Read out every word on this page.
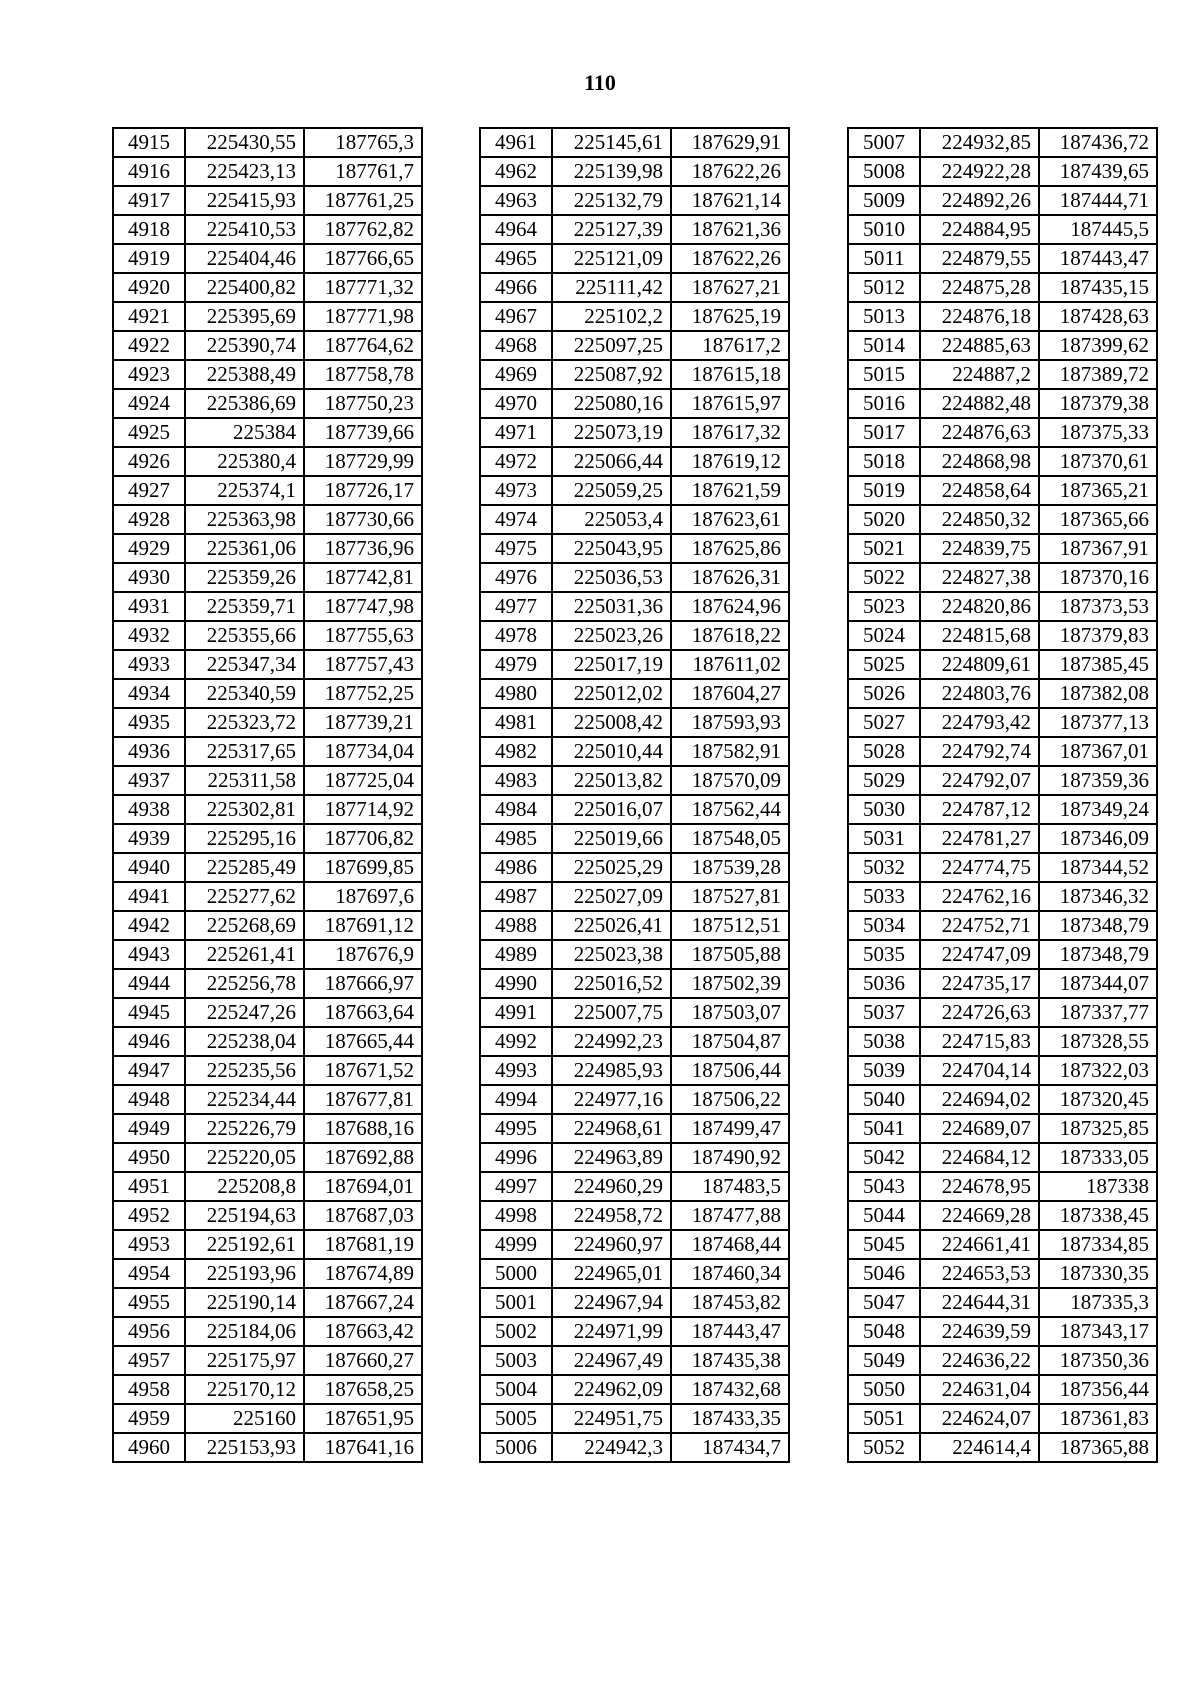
110
4915	225430,55	187765,3
4916	225423,13	187761,7
4917	225415,93	187761,25
4918	225410,53	187762,82
4919	225404,46	187766,65
4920	225400,82	187771,32
4921	225395,69	187771,98
4922	225390,74	187764,62
4923	225388,49	187758,78
4924	225386,69	187750,23
4925	225384	187739,66
4926	225380,4	187729,99
4927	225374,1	187726,17
4928	225363,98	187730,66
4929	225361,06	187736,96
4930	225359,26	187742,81
4931	225359,71	187747,98
4932	225355,66	187755,63
4933	225347,34	187757,43
4934	225340,59	187752,25
4935	225323,72	187739,21
4936	225317,65	187734,04
4937	225311,58	187725,04
4938	225302,81	187714,92
4939	225295,16	187706,82
4940	225285,49	187699,85
4941	225277,62	187697,6
4942	225268,69	187691,12
4943	225261,41	187676,9
4944	225256,78	187666,97
4945	225247,26	187663,64
4946	225238,04	187665,44
4947	225235,56	187671,52
4948	225234,44	187677,81
4949	225226,79	187688,16
4950	225220,05	187692,88
4951	225208,8	187694,01
4952	225194,63	187687,03
4953	225192,61	187681,19
4954	225193,96	187674,89
4955	225190,14	187667,24
4956	225184,06	187663,42
4957	225175,97	187660,27
4958	225170,12	187658,25
4959	225160	187651,95
4960	225153,93	187641,16
4961	225145,61	187629,91
4962	225139,98	187622,26
4963	225132,79	187621,14
4964	225127,39	187621,36
4965	225121,09	187622,26
4966	225111,42	187627,21
4967	225102,2	187625,19
4968	225097,25	187617,2
4969	225087,92	187615,18
4970	225080,16	187615,97
4971	225073,19	187617,32
4972	225066,44	187619,12
4973	225059,25	187621,59
4974	225053,4	187623,61
4975	225043,95	187625,86
4976	225036,53	187626,31
4977	225031,36	187624,96
4978	225023,26	187618,22
4979	225017,19	187611,02
4980	225012,02	187604,27
4981	225008,42	187593,93
4982	225010,44	187582,91
4983	225013,82	187570,09
4984	225016,07	187562,44
4985	225019,66	187548,05
4986	225025,29	187539,28
4987	225027,09	187527,81
4988	225026,41	187512,51
4989	225023,38	187505,88
4990	225016,52	187502,39
4991	225007,75	187503,07
4992	224992,23	187504,87
4993	224985,93	187506,44
4994	224977,16	187506,22
4995	224968,61	187499,47
4996	224963,89	187490,92
4997	224960,29	187483,5
4998	224958,72	187477,88
4999	224960,97	187468,44
5000	224965,01	187460,34
5001	224967,94	187453,82
5002	224971,99	187443,47
5003	224967,49	187435,38
5004	224962,09	187432,68
5005	224951,75	187433,35
5006	224942,3	187434,7
5007	224932,85	187436,72
5008	224922,28	187439,65
5009	224892,26	187444,71
5010	224884,95	187445,5
5011	224879,55	187443,47
5012	224875,28	187435,15
5013	224876,18	187428,63
5014	224885,63	187399,62
5015	224887,2	187389,72
5016	224882,48	187379,38
5017	224876,63	187375,33
5018	224868,98	187370,61
5019	224858,64	187365,21
5020	224850,32	187365,66
5021	224839,75	187367,91
5022	224827,38	187370,16
5023	224820,86	187373,53
5024	224815,68	187379,83
5025	224809,61	187385,45
5026	224803,76	187382,08
5027	224793,42	187377,13
5028	224792,74	187367,01
5029	224792,07	187359,36
5030	224787,12	187349,24
5031	224781,27	187346,09
5032	224774,75	187344,52
5033	224762,16	187346,32
5034	224752,71	187348,79
5035	224747,09	187348,79
5036	224735,17	187344,07
5037	224726,63	187337,77
5038	224715,83	187328,55
5039	224704,14	187322,03
5040	224694,02	187320,45
5041	224689,07	187325,85
5042	224684,12	187333,05
5043	224678,95	187338
5044	224669,28	187338,45
5045	224661,41	187334,85
5046	224653,53	187330,35
5047	224644,31	187335,3
5048	224639,59	187343,17
5049	224636,22	187350,36
5050	224631,04	187356,44
5051	224624,07	187361,83
5052	224614,4	187365,88
